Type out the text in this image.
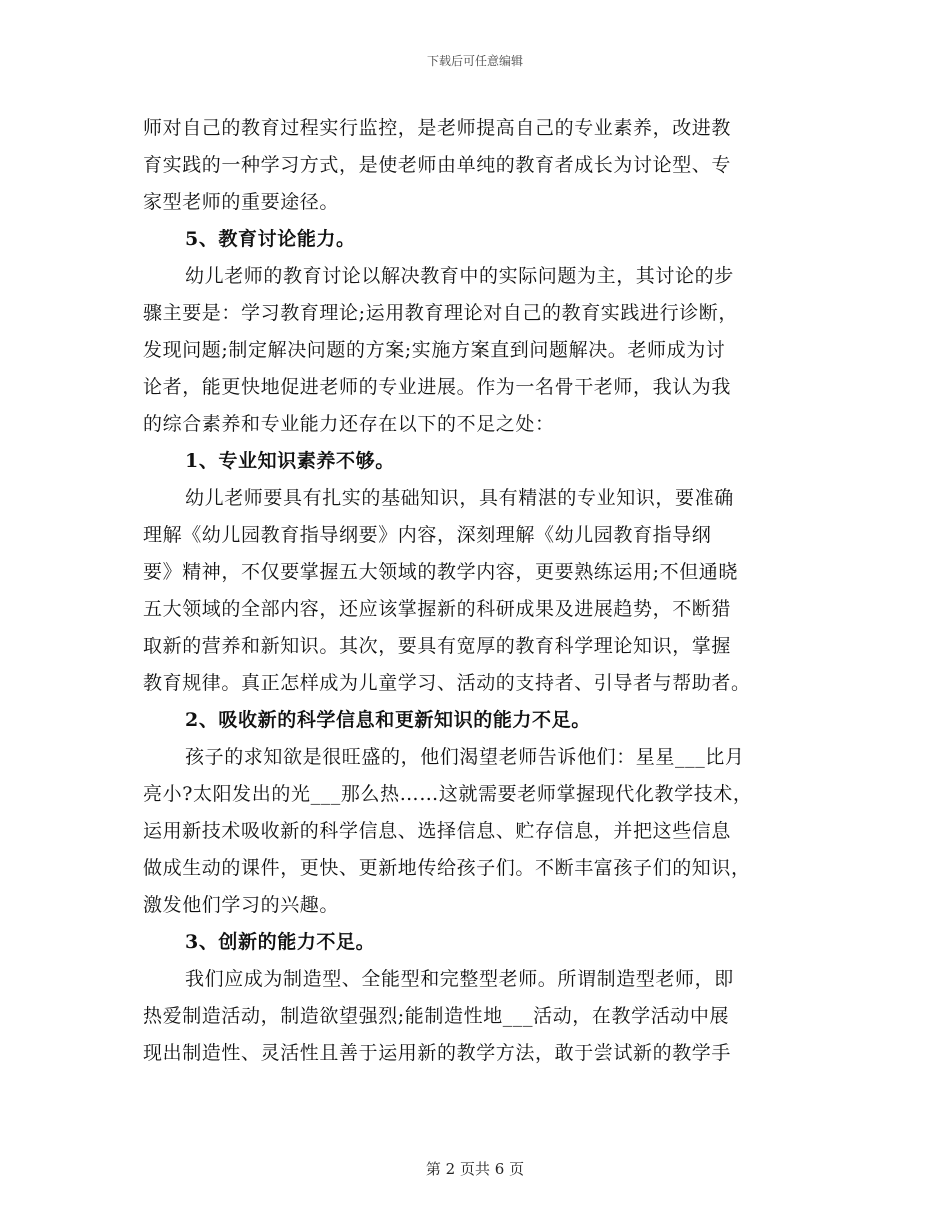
下载后可任意编辑
师对自己的教育过程实行监控，是老师提高自己的专业素养，改进教
育实践的一种学习方式，是使老师由单纯的教育者成长为讨论型、专
家型老师的重要途径。
5、教育讨论能力。
幼儿老师的教育讨论以解决教育中的实际问题为主，其讨论的步
骤主要是：学习教育理论;运用教育理论对自己的教育实践进行诊断，
发现问题;制定解决问题的方案;实施方案直到问题解决。老师成为讨
论者，能更快地促进老师的专业进展。作为一名骨干老师，我认为我
的综合素养和专业能力还存在以下的不足之处：
1、专业知识素养不够。
幼儿老师要具有扎实的基础知识，具有精湛的专业知识，要准确
理解《幼儿园教育指导纲要》内容，深刻理解《幼儿园教育指导纲
要》精神，不仅要掌握五大领域的教学内容，更要熟练运用;不但通晓
五大领域的全部内容，还应该掌握新的科研成果及进展趋势，不断猎
取新的营养和新知识。其次，要具有宽厚的教育科学理论知识，掌握
教育规律。真正怎样成为儿童学习、活动的支持者、引导者与帮助者。
2、吸收新的科学信息和更新知识的能力不足。
孩子的求知欲是很旺盛的，他们渴望老师告诉他们：星星___比月
亮小?太阳发出的光___那么热……这就需要老师掌握现代化教学技术，
运用新技术吸收新的科学信息、选择信息、贮存信息，并把这些信息
做成生动的课件，更快、更新地传给孩子们。不断丰富孩子们的知识，
激发他们学习的兴趣。
3、创新的能力不足。
我们应成为制造型、全能型和完整型老师。所谓制造型老师，即
热爱制造活动，制造欲望强烈;能制造性地___活动，在教学活动中展
现出制造性、灵活性且善于运用新的教学方法，敢于尝试新的教学手
第 2 页共 6 页
